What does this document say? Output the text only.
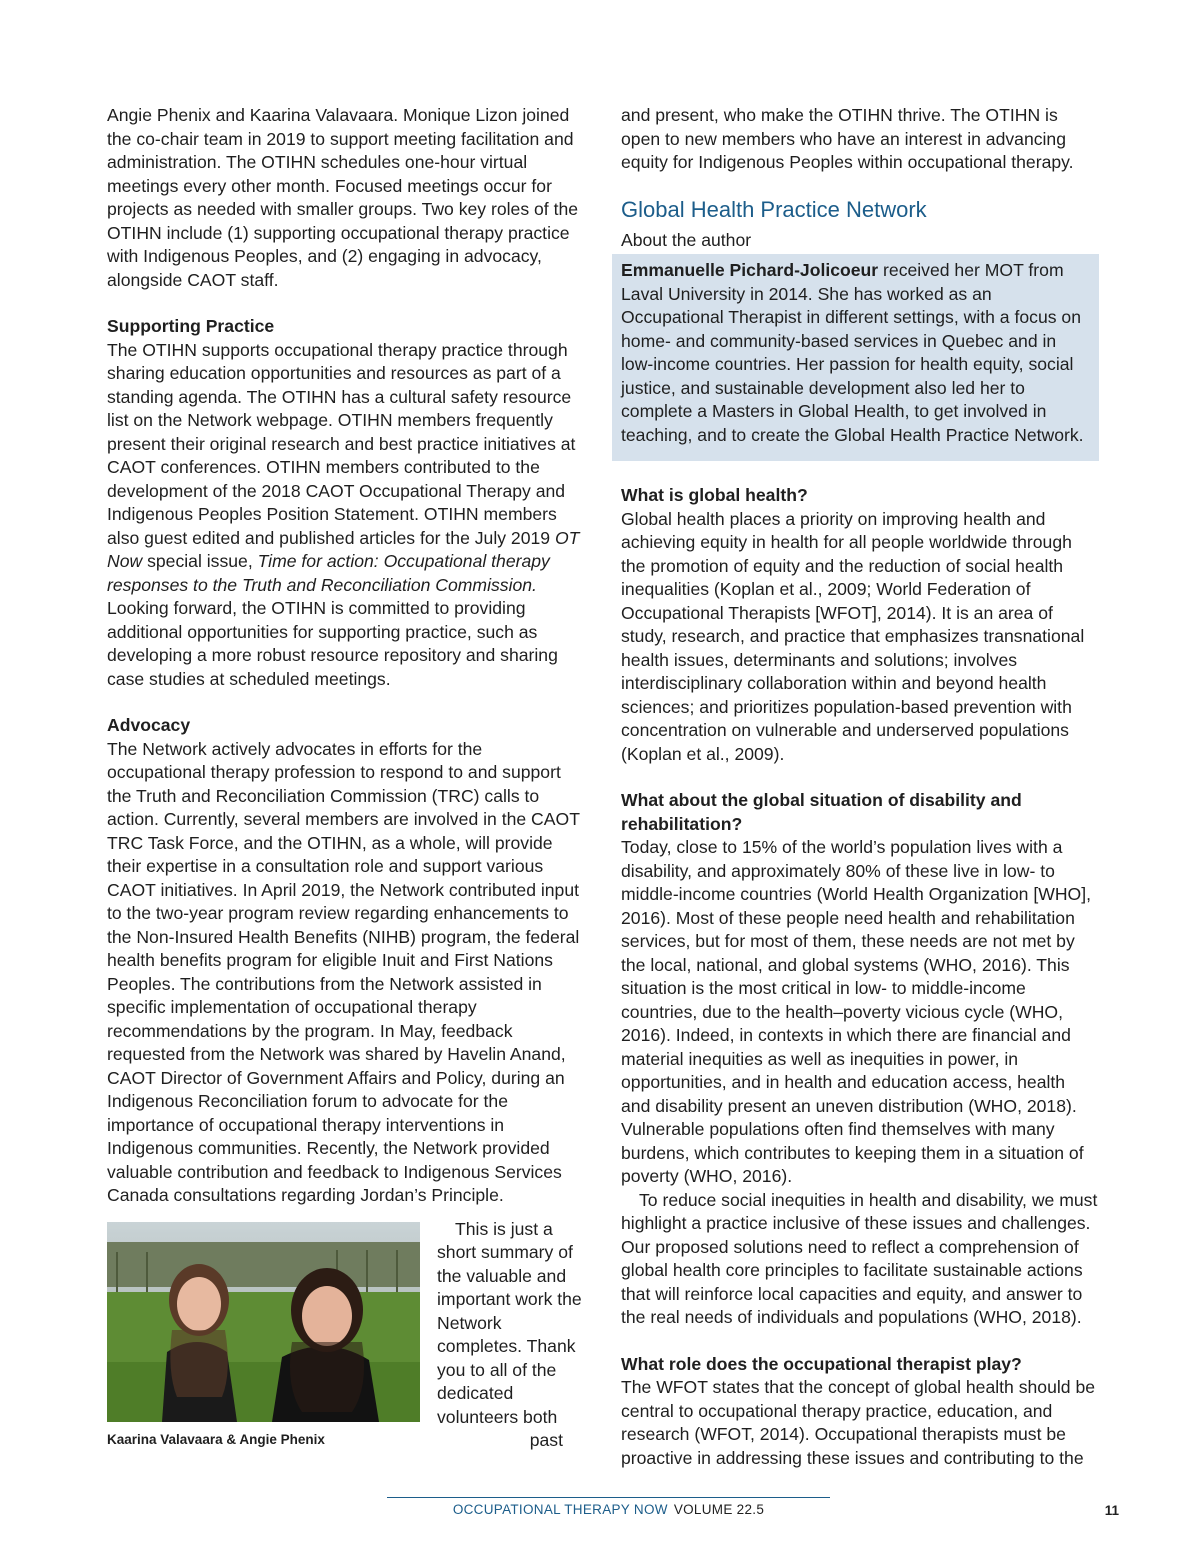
Angie Phenix and Kaarina Valavaara. Monique Lizon joined the co-chair team in 2019 to support meeting facilitation and administration. The OTIHN schedules one-hour virtual meetings every other month. Focused meetings occur for projects as needed with smaller groups. Two key roles of the OTIHN include (1) supporting occupational therapy practice with Indigenous Peoples, and (2) engaging in advocacy, alongside CAOT staff.

Supporting Practice

The OTIHN supports occupational therapy practice through sharing education opportunities and resources as part of a standing agenda. The OTIHN has a cultural safety resource list on the Network webpage. OTIHN members frequently present their original research and best practice initiatives at CAOT conferences. OTIHN members contributed to the development of the 2018 CAOT Occupational Therapy and Indigenous Peoples Position Statement. OTIHN members also guest edited and published articles for the July 2019 OT Now special issue, Time for action: Occupational therapy responses to the Truth and Reconciliation Commission. Looking forward, the OTIHN is committed to providing additional opportunities for supporting practice, such as developing a more robust resource repository and sharing case studies at scheduled meetings.

Advocacy

The Network actively advocates in efforts for the occupational therapy profession to respond to and support the Truth and Reconciliation Commission (TRC) calls to action. Currently, several members are involved in the CAOT TRC Task Force, and the OTIHN, as a whole, will provide their expertise in a consultation role and support various CAOT initiatives. In April 2019, the Network contributed input to the two-year program review regarding enhancements to the Non-Insured Health Benefits (NIHB) program, the federal health benefits program for eligible Inuit and First Nations Peoples. The contributions from the Network assisted in specific implementation of occupational therapy recommendations by the program. In May, feedback requested from the Network was shared by Havelin Anand, CAOT Director of Government Affairs and Policy, during an Indigenous Reconciliation forum to advocate for the importance of occupational therapy interventions in Indigenous communities. Recently, the Network provided valuable contribution and feedback to Indigenous Services Canada consultations regarding Jordan’s Principle.

Kaarina Valavaara & Angie Phenix

This is just a short summary of the valuable and important work the Network completes. Thank you to all of the dedicated volunteers both

past

and present, who make the OTIHN thrive. The OTIHN is open to new members who have an interest in advancing equity for Indigenous Peoples within occupational therapy.

Global Health Practice Network

About the author

Emmanuelle Pichard-Jolicoeur received her MOT from Laval University in 2014. She has worked as an Occupational Therapist in different settings, with a focus on home- and community-based services in Quebec and in low-income countries. Her passion for health equity, social justice, and sustainable development also led her to complete a Masters in Global Health, to get involved in teaching, and to create the Global Health Practice Network.

What is global health?

Global health places a priority on improving health and achieving equity in health for all people worldwide through the promotion of equity and the reduction of social health inequalities (Koplan et al., 2009; World Federation of Occupational Therapists [WFOT], 2014). It is an area of study, research, and practice that emphasizes transnational health issues, determinants and solutions; involves interdisciplinary collaboration within and beyond health sciences; and prioritizes population-based prevention with concentration on vulnerable and underserved populations (Koplan et al., 2009).

What about the global situation of disability and rehabilitation?

Today, close to 15% of the world’s population lives with a disability, and approximately 80% of these live in low- to middle-income countries (World Health Organization [WHO], 2016). Most of these people need health and rehabilitation services, but for most of them, these needs are not met by the local, national, and global systems (WHO, 2016). This situation is the most critical in low- to middle-income countries, due to the health–poverty vicious cycle (WHO, 2016). Indeed, in contexts in which there are financial and material inequities as well as inequities in power, in opportunities, and in health and education access, health and disability present an uneven distribution (WHO, 2018). Vulnerable populations often find themselves with many burdens, which contributes to keeping them in a situation of poverty (WHO, 2016).

To reduce social inequities in health and disability, we must highlight a practice inclusive of these issues and challenges. Our proposed solutions need to reflect a comprehension of global health core principles to facilitate sustainable actions that will reinforce local capacities and equity, and answer to the real needs of individuals and populations (WHO, 2018).

What role does the occupational therapist play?

The WFOT states that the concept of global health should be central to occupational therapy practice, education, and research (WFOT, 2014). Occupational therapists must be proactive in addressing these issues and contributing to the

OCCUPATIONAL THERAPY NOW VOLUME 22.5	11
